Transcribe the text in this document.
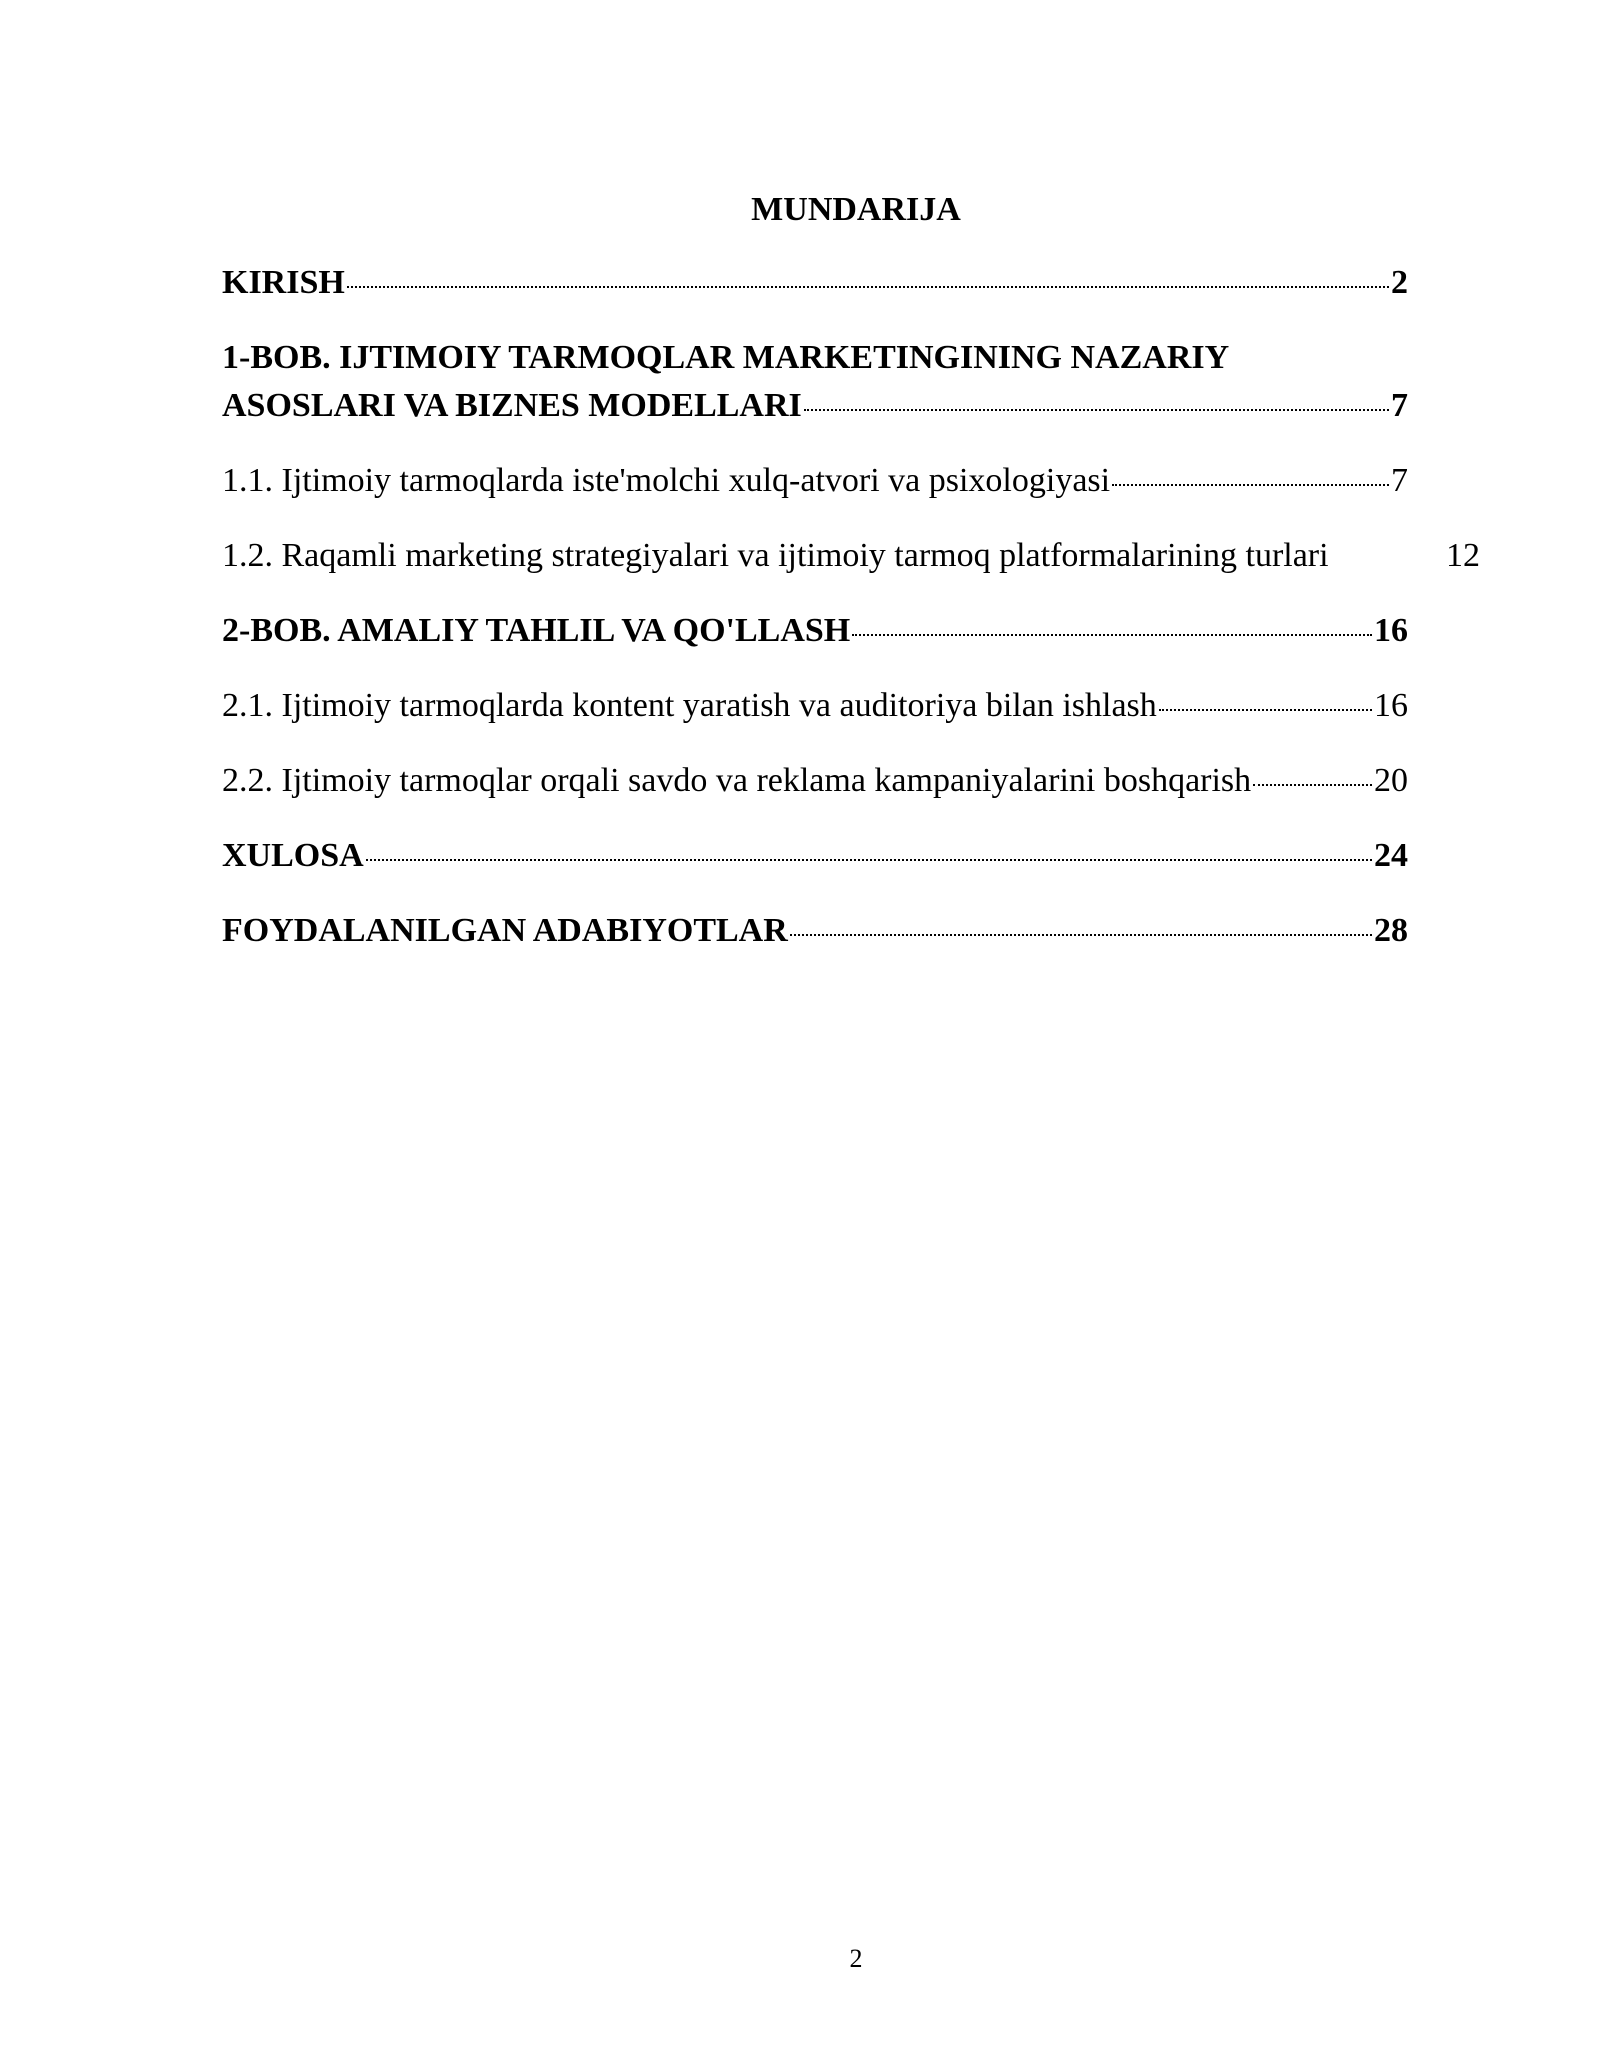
MUNDARIJA
KIRISH	2
1-BOB. IJTIMOIY TARMOQLAR MARKETINGINING NAZARIY
ASOSLARI VA BIZNES MODELLARI	7
1.1. Ijtimoiy tarmoqlarda iste'molchi xulq-atvori va psixologiyasi	7
1.2. Raqamli marketing strategiyalari va ijtimoiy tarmoq platformalarining turlari	12
2-BOB. AMALIY TAHLIL VA QO'LLASH	16
2.1. Ijtimoiy tarmoqlarda kontent yaratish va auditoriya bilan ishlash	16
2.2. Ijtimoiy tarmoqlar orqali savdo va reklama kampaniyalarini boshqarish	20
XULOSA	24
FOYDALANILGAN ADABIYOTLAR	28
2
